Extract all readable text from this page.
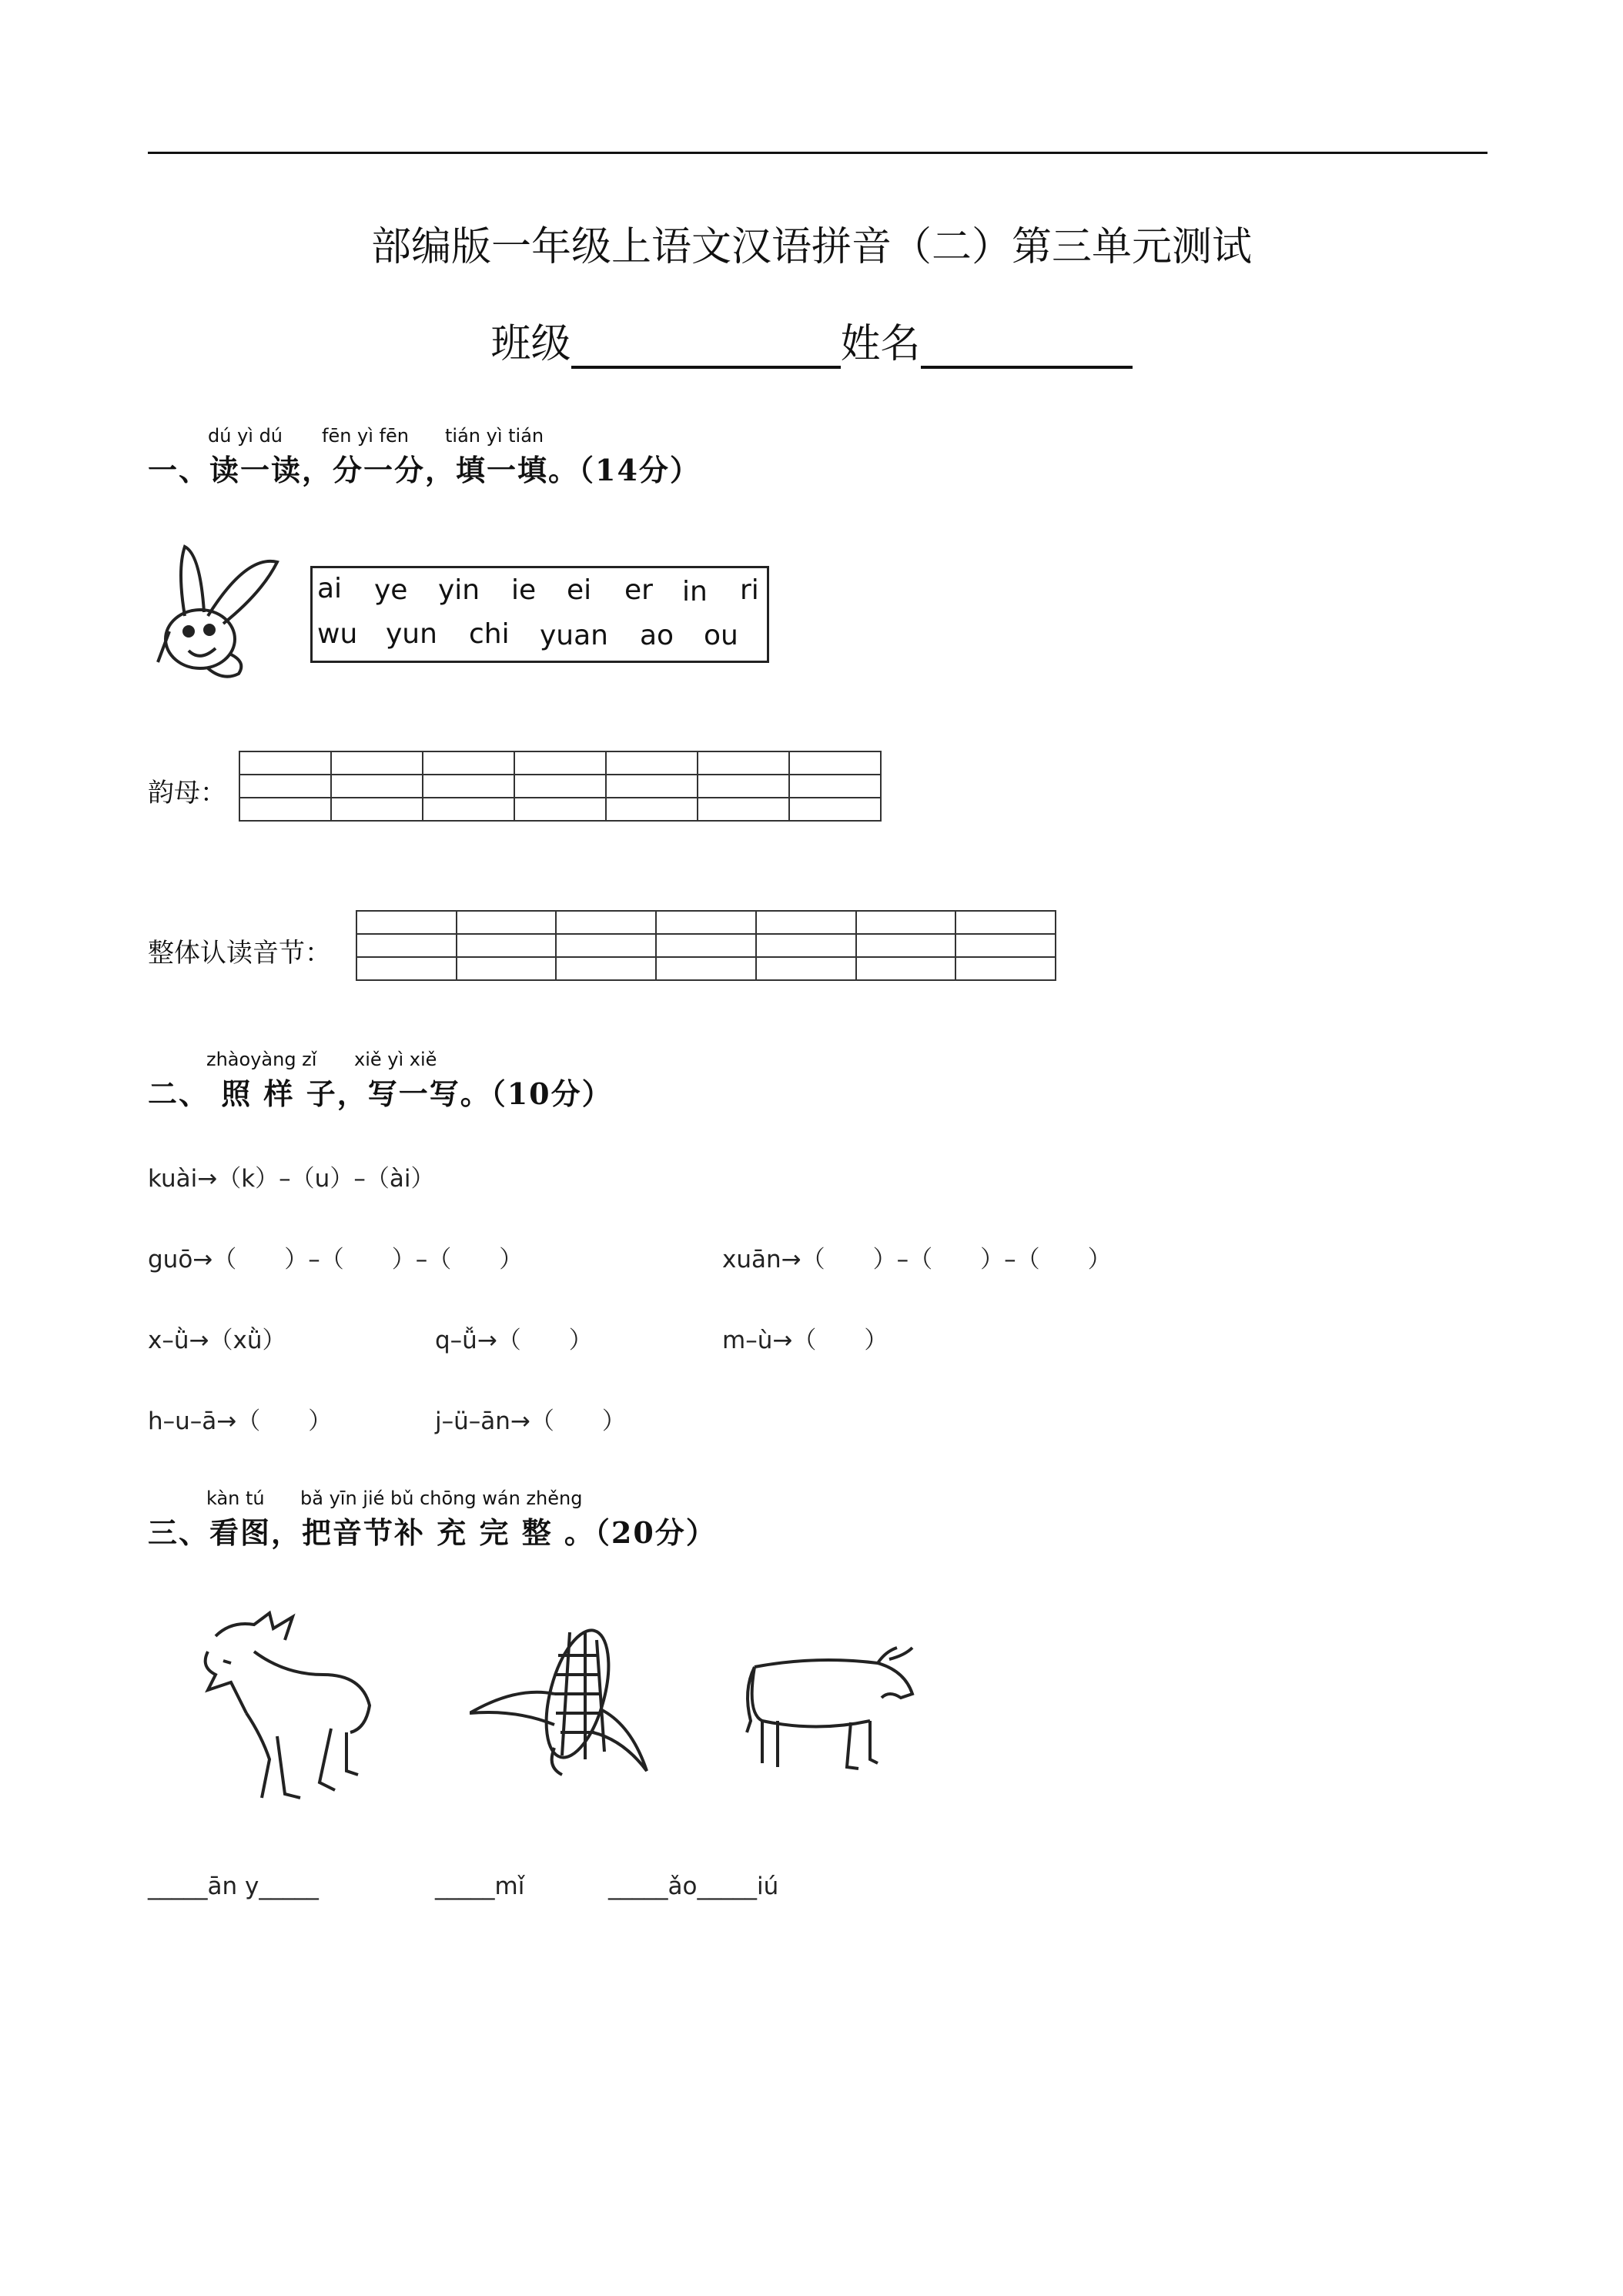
部编版一年级上语文汉语拼音（二）第三单元测试
班级	姓名
dú yì dú fēn yì fēn tián yì tián
一、读一读，分一分，填一填。（14分）
ai ye yin ie ei er in ri
wu yun chi yuan ao ou
韵母：

整体认读音节：

zhàoyàng zǐ xiě yì xiě
二、 照 样 子，写一写。（10分）
kuài→（k）–（u）–（ài）
guō→（　　）–（　　）–（　　）	xuān→（　　）–（　　）–（　　）
x–ǜ→（xǜ）	q–ǚ→（　　）	m–ù→（　　）
h–u–ā→（　　）	j–ü–ān→（　　）
kàn tú bǎ yīn jié bǔ chōng wán zhěng
三、看图，把音节补 充 完 整 。（20分）
_____ān y_____	_____mǐ	_____ǎo_____iú
